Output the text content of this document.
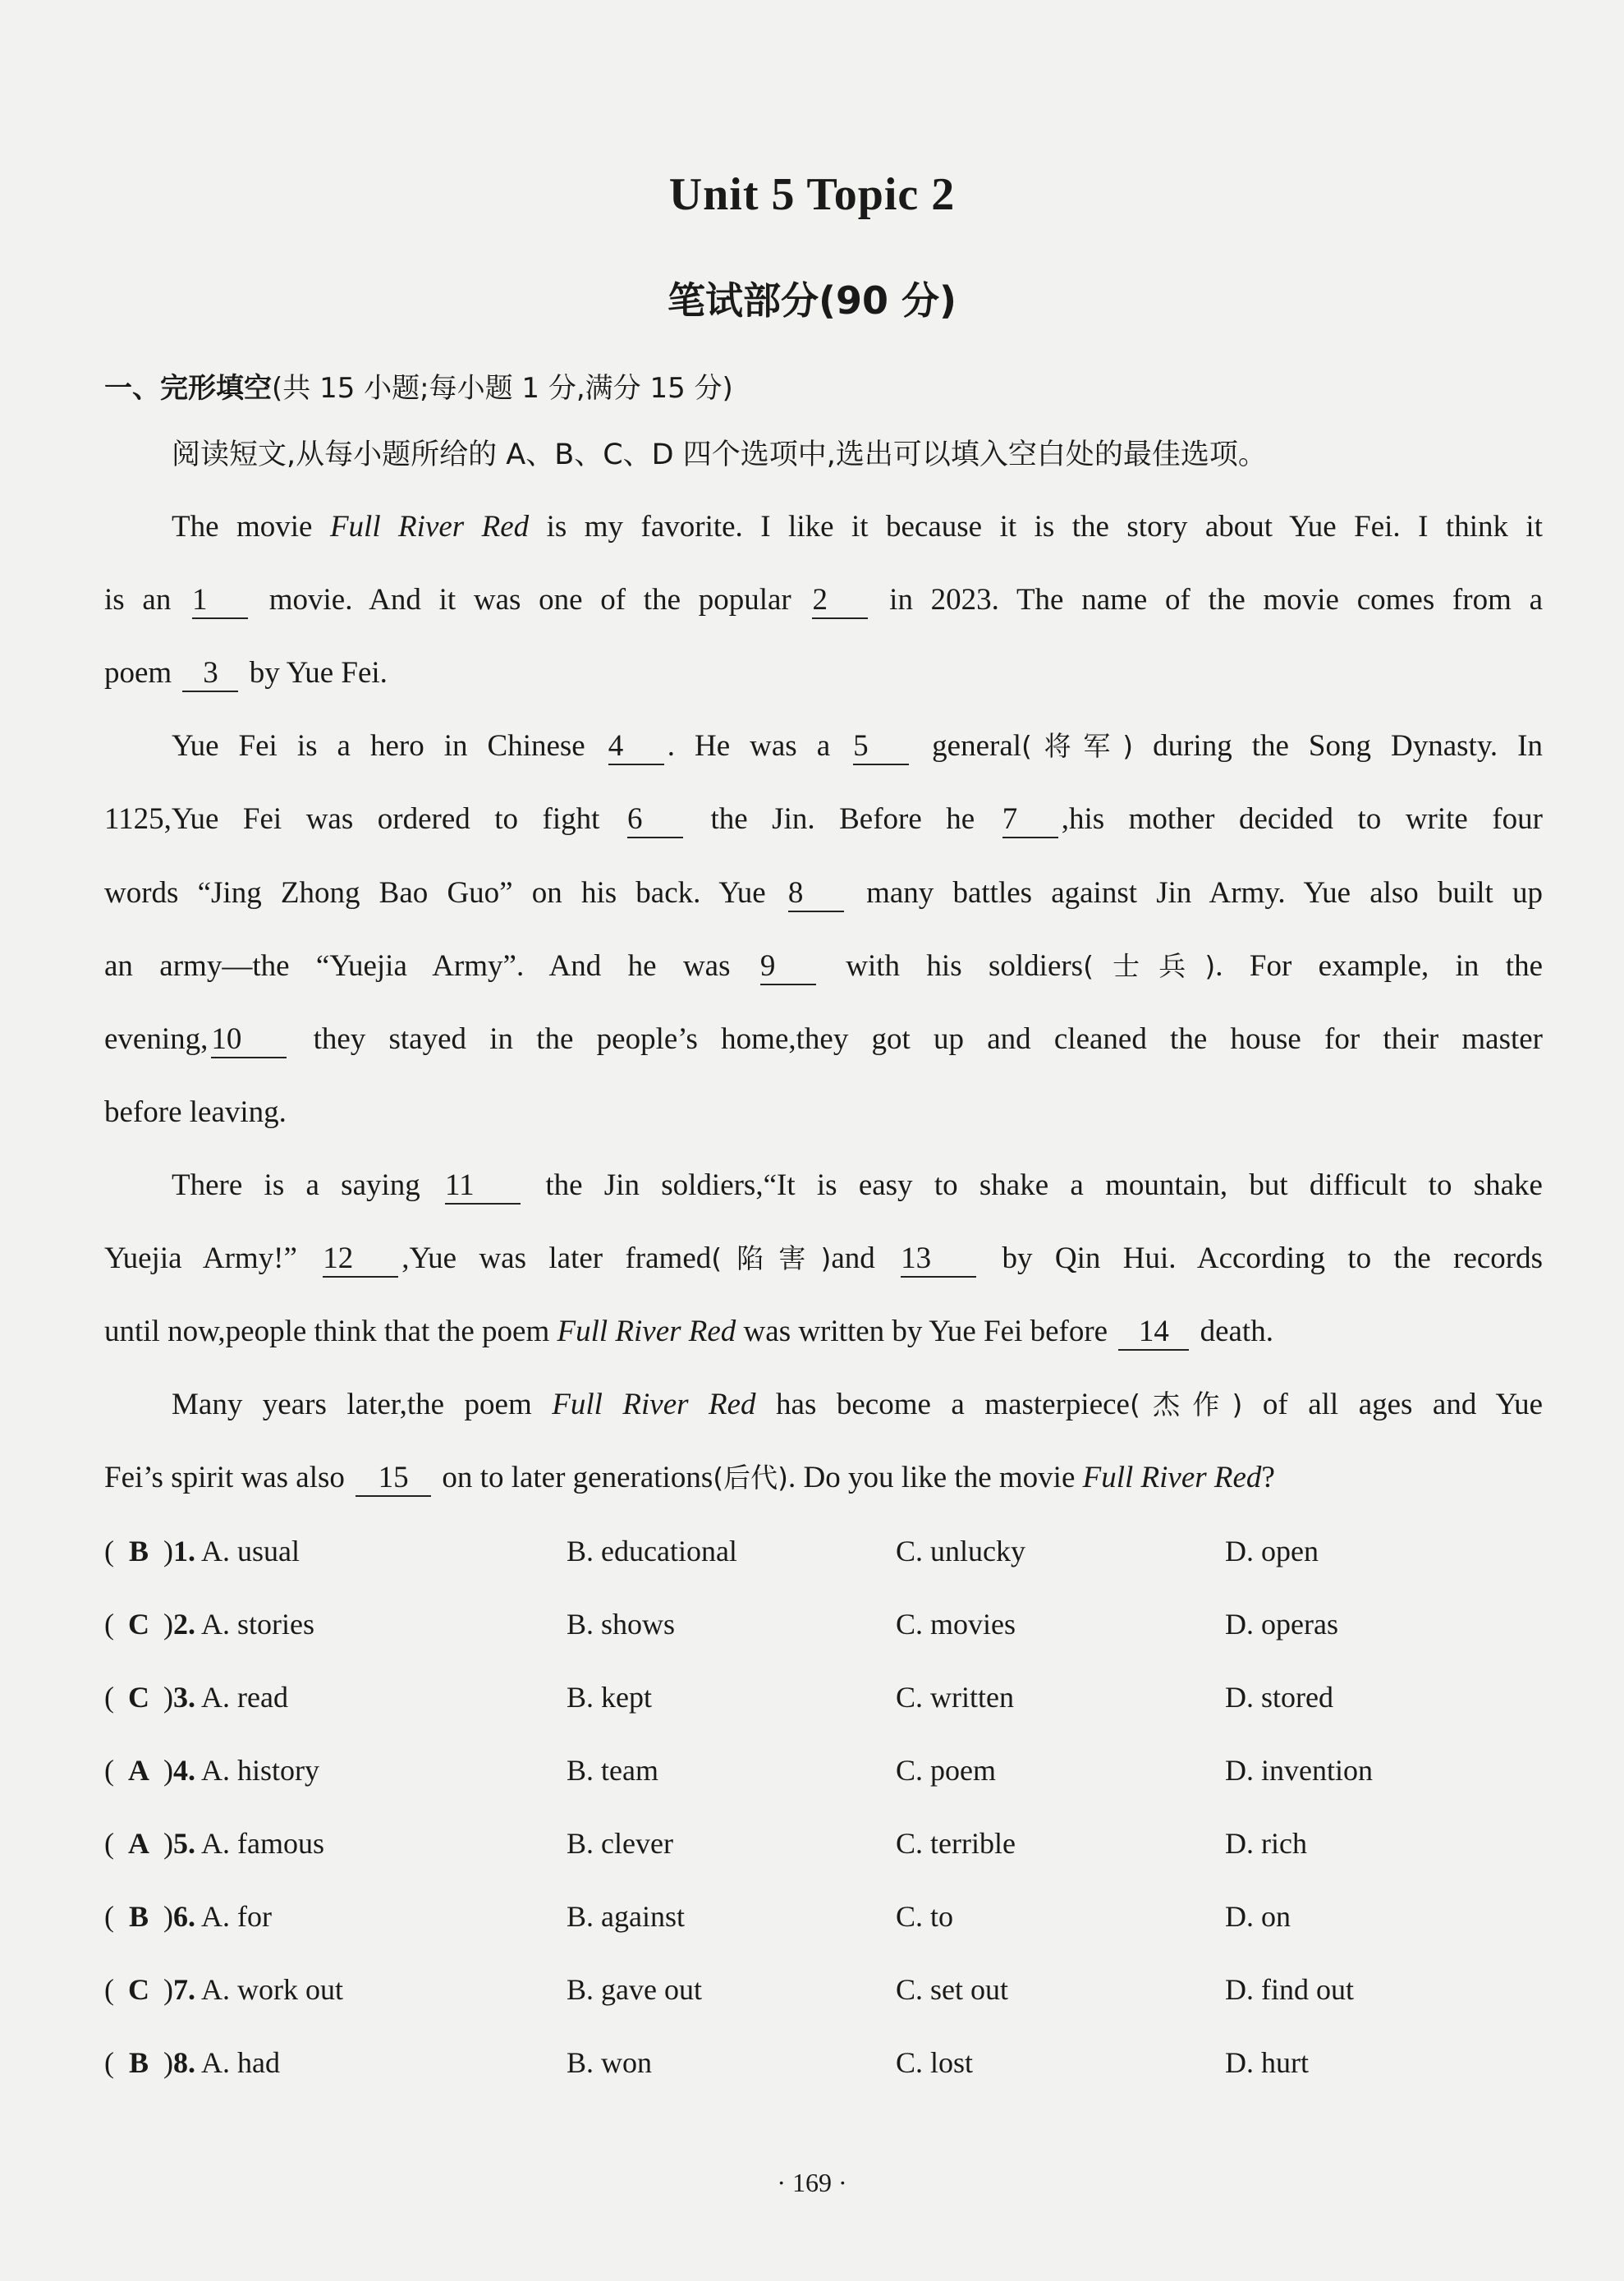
Unit 5 Topic 2
笔试部分(90 分)
一、完形填空(共 15 小题;每小题 1 分,满分 15 分)
阅读短文,从每小题所给的 A、B、C、D 四个选项中,选出可以填入空白处的最佳选项。
The movie Full River Red is my favorite. I like it because it is the story about Yue Fei. I think it
is an 1 movie. And it was one of the popular 2 in 2023. The name of the movie comes from a
poem 3 by Yue Fei.
Yue Fei is a hero in Chinese 4 . He was a 5 general(将军) during the Song Dynasty. In
1125,Yue Fei was ordered to fight 6 the Jin. Before he 7 ,his mother decided to write four
words “Jing Zhong Bao Guo” on his back. Yue 8 many battles against Jin Army. Yue also built up
an army—the “Yuejia Army”. And he was 9 with his soldiers(士兵). For example, in the
evening, 10 they stayed in the people’s home,they got up and cleaned the house for their master
before leaving.
There is a saying 11 the Jin soldiers,“It is easy to shake a mountain, but difficult to shake
Yuejia Army!” 12 ,Yue was later framed(陷害)and 13 by Qin Hui. According to the records
until now,people think that the poem Full River Red was written by Yue Fei before 14 death.
Many years later,the poem Full River Red has become a masterpiece(杰作) of all ages and Yue
Fei’s spirit was also 15 on to later generations(后代). Do you like the movie Full River Red?
( B )1. A. usual	B. educational	C. unlucky	D. open
( C )2. A. stories	B. shows	C. movies	D. operas
( C )3. A. read	B. kept	C. written	D. stored
( A )4. A. history	B. team	C. poem	D. invention
( A )5. A. famous	B. clever	C. terrible	D. rich
( B )6. A. for	B. against	C. to	D. on
( C )7. A. work out	B. gave out	C. set out	D. find out
( B )8. A. had	B. won	C. lost	D. hurt
· 169 ·
